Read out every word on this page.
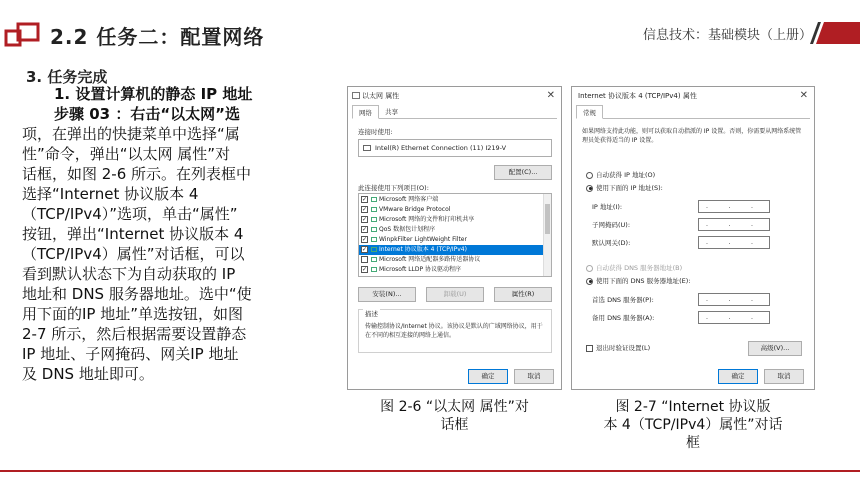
2.2 任务二：配置网络	信息技术：基础模块（上册）
3. 任务完成
1. 设置计算机的静态 IP 地址
步骤 03 ：右击“以太网”选
项，在弹出的快捷菜单中选择“属
性”命令，弹出“以太网 属性”对
话框，如图 2-6 所示。在列表框中
选择“Internet 协议版本 4
（TCP/IPv4）”选项，单击“属性”
按钮，弹出“Internet 协议版本 4
（TCP/IPv4）属性”对话框，可以
看到默认状态下为自动获取的 IP
地址和 DNS 服务器地址。选中“使
用下面的IP 地址”单选按钮，如图
2-7 所示，然后根据需要设置静态
IP 地址、子网掩码、网关IP 地址
及 DNS 地址即可。
以太网 属性	✕
网络	共享
连接时使用:
Intel(R) Ethernet Connection (11) I219-V
配置(C)...
此连接使用下列项目(O):
✓ Microsoft 网络客户端
✓ VMware Bridge Protocol
✓ Microsoft 网络的文件和打印机共享
✓ QoS 数据包计划程序
✓ WinpkFilter LightWeight Filter
✓ Internet 协议版本 4 (TCP/IPv4)
Microsoft 网络适配器多路传送器协议
✓ Microsoft LLDP 协议驱动程序
安装(N)...	卸载(U)	属性(R)
描述
传输控制协议/Internet 协议。该协议是默认的广域网络协议，用于在不同的相互连接的网络上通信。
确定	取消
Internet 协议版本 4 (TCP/IPv4) 属性	✕
常规
如果网络支持此功能，则可以获取自动指派的 IP 设置。否则，你需要从网络系统管理员处获得适当的 IP 设置。
自动获得 IP 地址(O)
使用下面的 IP 地址(S):
IP 地址(I):	. . .
子网掩码(U):	. . .
默认网关(D):	. . .
自动获得 DNS 服务器地址(B)
使用下面的 DNS 服务器地址(E):
首选 DNS 服务器(P):	. . .
备用 DNS 服务器(A):	. . .
退出时验证设置(L)	高级(V)...
确定	取消
图 2-6 “以太网 属性”对
话框
图 2-7 “Internet 协议版
本 4（TCP/IPv4）属性”对话
框
